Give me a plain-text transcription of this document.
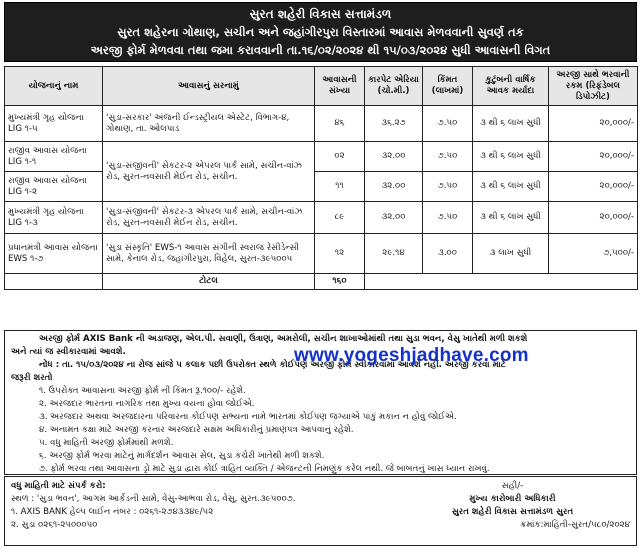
સુરત શહેરી વિકાસ સત્તામંડળ
સુરત શહેરના ગોથાણ, સચીન અને જહાંગીરપુરા વિસ્તારમાં આવાસ મેળવવાની સુવર્ણ તક
અરજી ફોર્મ મેળવવા તથા જમા કરાવવાની તા.૧૬/૦૨/૨૦૨૪ થી ૧૫/૦૩/૨૦૨૪ સુધી આવાસની વિગત
યોજનાનું નામ	આવાસનું સરનામું	આવાસની સંખ્યા	કારપેટ એરિયા (ચો.મી.)	કિંમત (લાખમાં)	કુટુંબની વાર્ષિક આવક મર્યાદા	અરજી સાથે ભરવાની રકમ (રિફંડેબલ ડિપોઝીટ)
મુખ્યમંત્રી ગૃહ યોજના LIG ૧-૫	'સુડા-સરકાર' અંજની ઈન્ડસ્ટ્રીયલ એસ્ટેટ, વિભાગ-૪, ગોથાણ, તા. ઓલપાડ	૪૬	૩૬.૨૭	૭.૫૦	૩ થી ૬ લાખ સુધી	૨૦,૦૦૦/-
રાજીવ આવાસ યોજના LIG ૧-૧	'સુડા-સંજીવની' સેકટર-૨ એપરલ પાર્ક સામે, સચીન-વાંઝ રોડ, સુરત-નવસારી મેઈન રોડ, સચીન.	૦૨	૩૨.૦૦	૭.૫૦	૩ થી ૬ લાખ સુધી	૨૦,૦૦૦/-
રાજીવ આવાસ યોજના LIG ૧-૨		૧૧	૩૨.૦૦	૭.૫૦	૩ થી ૬ લાખ સુધી	૨૦,૦૦૦/-
મુખ્યમંત્રી ગૃહ યોજના LIG ૧-૩	'સુડા-સંજીવની' સેકટર-૩ એપરલ પાર્ક સામે, સચીન-વાંઝ રોડ, સુરત-નવસારી મેઈન રોડ, સચીન.	૮૯	૩૨.૦૦	૭.૫૦	૩ થી ૬ લાખ સુધી	૨૦,૦૦૦/-
પ્રધાનમંત્રી આવાસ યોજના EWS ૧-૭	'સુડા સંસ્કૃતિ' EWS-૧ આવાસ સંગીની સ્વરાજ રેસીડેન્સી સામે, કેનાલ રોડ, જહાંગીરપુરા, વિહેલ, સુરત-૩૯૫૦૦૫	૧૨	૨૯.૧૪	૩.૦૦	૩ લાખ સુધી	૭,૫૦૦/-
	ટોટલ	૧૬૦				

અરજી ફોર્મ AXIS Bank ની અડાજણ, એલ.પી. સવાણી, ઉત્રાણ, અમરોલી, સચીન શાખાઓમાંથી તથા સુડા ભવન, વેસુ ખાતેથી મળી શકશે

અને ત્યાં જ સ્વીકારવામાં આવશે.

નોંધ : તા. ૧૫/૦૩/૨૦૨૪ ના રોજ સાંજે ૫ કલાક પછી ઉપરોક્ત સ્થળે કોઈપણ અરજી ફોર્મ સ્વીકારવામાં આવશે નહીં. અરજી કરવા માટે

જરૂરી શરતો

૧. ઉપરોક્ત આવાસના અરજી ફોર્મ ની કિંમત રૂ.૧૦૦/- રહેશે.

૨. અરજદાર ભારતના નાગરિક તથા મુખ્ય વયના હોવા જોઈએ.

૩. અરજદાર અથવા અરજદારના પરિવારના કોઈપણ સભ્યના નામે ભારતમાં કોઈપણ જગ્યાએ પાકું મકાન ન હોવું જોઈએ.

૪. અનામત કક્ષા માટે અરજી કરનાર અરજદારે સક્ષમ અધિકારીનું પ્રમાણપત્ર આપવાનું રહેશે.

૫. વધુ માહિતી અરજી ફોર્મમાંથી મળશે.

૬. અરજી ફોર્મ ભરવા માટેનું માર્ગદર્શન આવાસ સેલ, સુડા કચેરી ખાતેથી મળી શકશે.

૭. ફોર્મ ભરવા તથા આવાસના ડ્રો માટે સુડા દ્વારા કોઈ ત્રાહિત વ્યક્તિ / એજન્ટની નિમણુંક કરેલ નથી. જે બાબતનું ખાસ ધ્યાન રાખવું.

www.yogeshjadhave.com

વધુ માહિતી માટે સંપર્ક કરો:

સ્થળ : 'સુડા ભવન', આગમ આર્કેડની સામે, વેસુ-આભવા રોડ, વેસુ, સુરત.૩૯૫૦૦૭.

૧. AXIS BANK હેલ્પ લાઈન નંબર : ૦૨૬૧-૨૭૪૩૩૪૯/૫૨

૨. સુડા ૦૨૬૧-૨૫૦૦૦૫૦

સહી/-

મુખ્ય કારોબારી અધિકારી

સુરત શહેરી વિકાસ સત્તામંડળ સુરત

ક્રમાંક:માહિતી-સુરત/૫૮૦/૨૦૨૪
